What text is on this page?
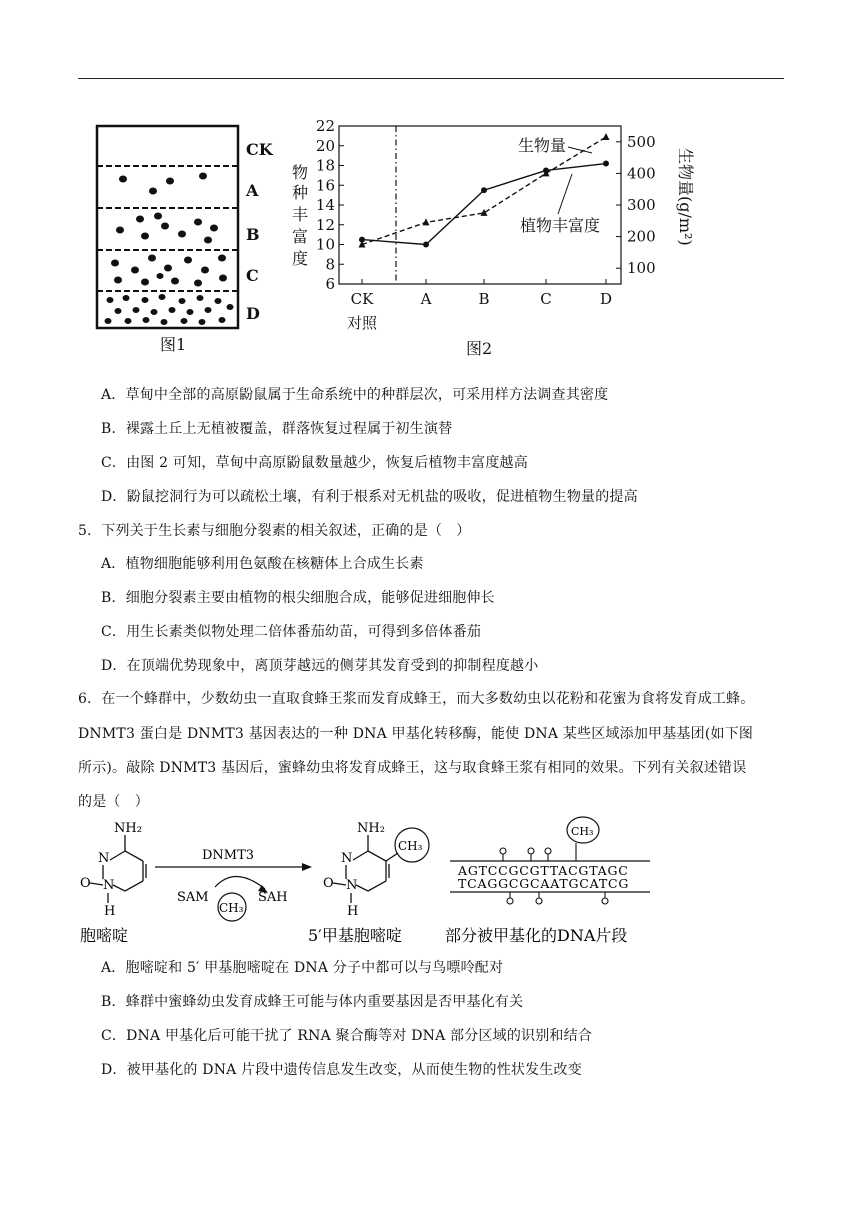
CK
A
B
C
D
图1
22
20
18
16
14
12
10
8
6
500
400
300
200
100
CK	A	B	C	D
对照
物
种
丰
富
度
生物量(g/m²)
生物量
植物丰富度
图2
A．草甸中全部的高原鼢鼠属于生命系统中的种群层次，可采用样方法调查其密度
B．裸露土丘上无植被覆盖，群落恢复过程属于初生演替
C．由图 2 可知，草甸中高原鼢鼠数量越少，恢复后植物丰富度越高
D．鼢鼠挖洞行为可以疏松土壤，有利于根系对无机盐的吸收，促进植物生物量的提高
5．下列关于生长素与细胞分裂素的相关叙述，正确的是（　）
A．植物细胞能够利用色氨酸在核糖体上合成生长素
B．细胞分裂素主要由植物的根尖细胞合成，能够促进细胞伸长
C．用生长素类似物处理二倍体番茄幼苗，可得到多倍体番茄
D．在顶端优势现象中，离顶芽越远的侧芽其发育受到的抑制程度越小
6．在一个蜂群中，少数幼虫一直取食蜂王浆而发育成蜂王，而大多数幼虫以花粉和花蜜为食将发育成工蜂。
DNMT3 蛋白是 DNMT3 基因表达的一种 DNA 甲基化转移酶，能使 DNA 某些区域添加甲基基团(如下图
所示)。敲除 DNMT3 基因后，蜜蜂幼虫将发育成蜂王，这与取食蜂王浆有相同的效果。下列有关叙述错误
的是（　）
NH₂
N
O N
H
DNMT3
SAM	SAH
CH₃
NH₂
N
O N
H
CH₃
AGTCCGCGTTACGTAGC
TCAGGCGCAATGCATCG
CH₃
胞嘧啶	5′甲基胞嘧啶	部分被甲基化的DNA片段
A．胞嘧啶和 5′ 甲基胞嘧啶在 DNA 分子中都可以与鸟嘌呤配对
B．蜂群中蜜蜂幼虫发育成蜂王可能与体内重要基因是否甲基化有关
C．DNA 甲基化后可能干扰了 RNA 聚合酶等对 DNA 部分区域的识别和结合
D．被甲基化的 DNA 片段中遗传信息发生改变，从而使生物的性状发生改变
